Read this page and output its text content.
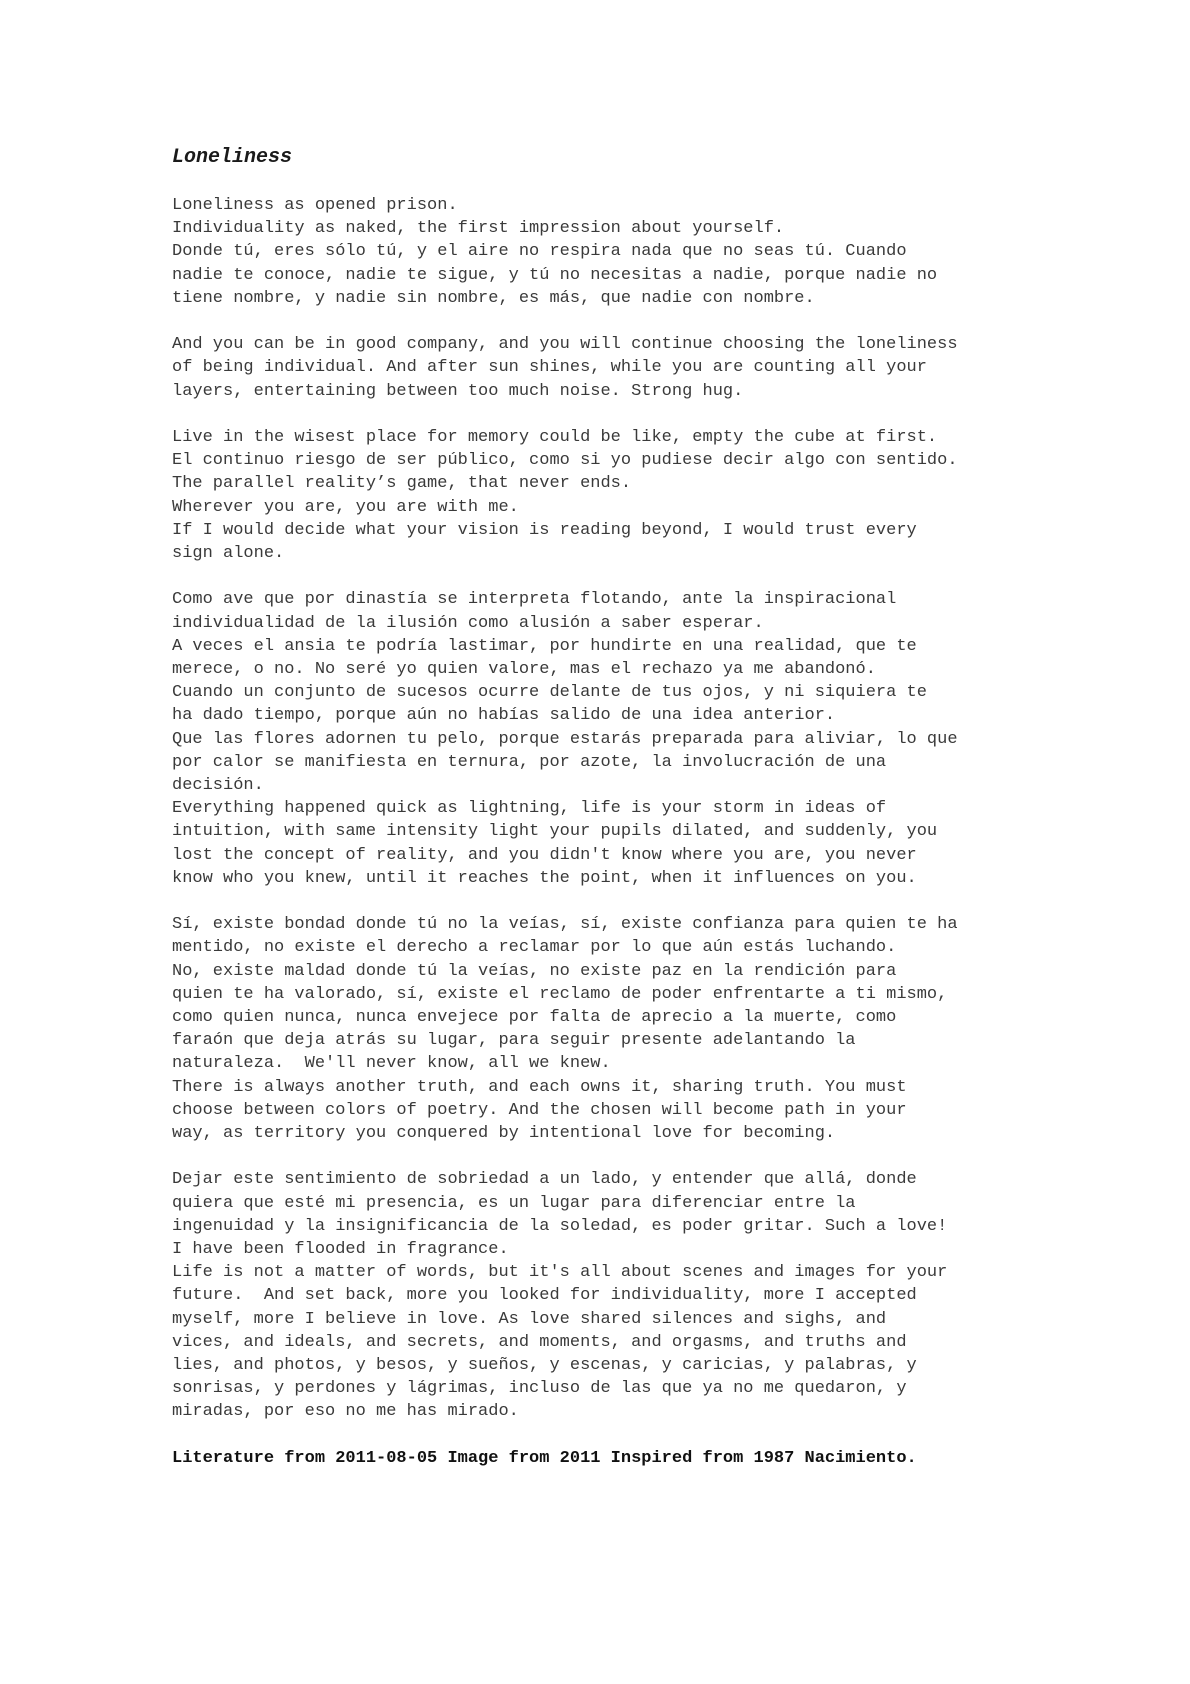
Loneliness
Loneliness as opened prison.
Individuality as naked, the first impression about yourself.
Donde tú, eres sólo tú, y el aire no respira nada que no seas tú. Cuando
nadie te conoce, nadie te sigue, y tú no necesitas a nadie, porque nadie no
tiene nombre, y nadie sin nombre, es más, que nadie con nombre.
And you can be in good company, and you will continue choosing the loneliness
of being individual. And after sun shines, while you are counting all your
layers, entertaining between too much noise. Strong hug.
Live in the wisest place for memory could be like, empty the cube at first.
El continuo riesgo de ser público, como si yo pudiese decir algo con sentido.
The parallel reality’s game, that never ends.
Wherever you are, you are with me.
If I would decide what your vision is reading beyond, I would trust every
sign alone.
Como ave que por dinastía se interpreta flotando, ante la inspiracional
individualidad de la ilusión como alusión a saber esperar.
A veces el ansia te podría lastimar, por hundirte en una realidad, que te
merece, o no. No seré yo quien valore, mas el rechazo ya me abandonó.
Cuando un conjunto de sucesos ocurre delante de tus ojos, y ni siquiera te
ha dado tiempo, porque aún no habías salido de una idea anterior.
Que las flores adornen tu pelo, porque estarás preparada para aliviar, lo que
por calor se manifiesta en ternura, por azote, la involucración de una
decisión.
Everything happened quick as lightning, life is your storm in ideas of
intuition, with same intensity light your pupils dilated, and suddenly, you
lost the concept of reality, and you didn't know where you are, you never
know who you knew, until it reaches the point, when it influences on you.
Sí, existe bondad donde tú no la veías, sí, existe confianza para quien te ha
mentido, no existe el derecho a reclamar por lo que aún estás luchando.
No, existe maldad donde tú la veías, no existe paz en la rendición para
quien te ha valorado, sí, existe el reclamo de poder enfrentarte a ti mismo,
como quien nunca, nunca envejece por falta de aprecio a la muerte, como
faraón que deja atrás su lugar, para seguir presente adelantando la
naturaleza.  We'll never know, all we knew.
There is always another truth, and each owns it, sharing truth. You must
choose between colors of poetry. And the chosen will become path in your
way, as territory you conquered by intentional love for becoming.
Dejar este sentimiento de sobriedad a un lado, y entender que allá, donde
quiera que esté mi presencia, es un lugar para diferenciar entre la
ingenuidad y la insignificancia de la soledad, es poder gritar. Such a love!
I have been flooded in fragrance.
Life is not a matter of words, but it's all about scenes and images for your
future.  And set back, more you looked for individuality, more I accepted
myself, more I believe in love. As love shared silences and sighs, and
vices, and ideals, and secrets, and moments, and orgasms, and truths and
lies, and photos, y besos, y sueños, y escenas, y caricias, y palabras, y
sonrisas, y perdones y lágrimas, incluso de las que ya no me quedaron, y
miradas, por eso no me has mirado.
Literature from 2011-08-05 Image from 2011 Inspired from 1987 Nacimiento.
